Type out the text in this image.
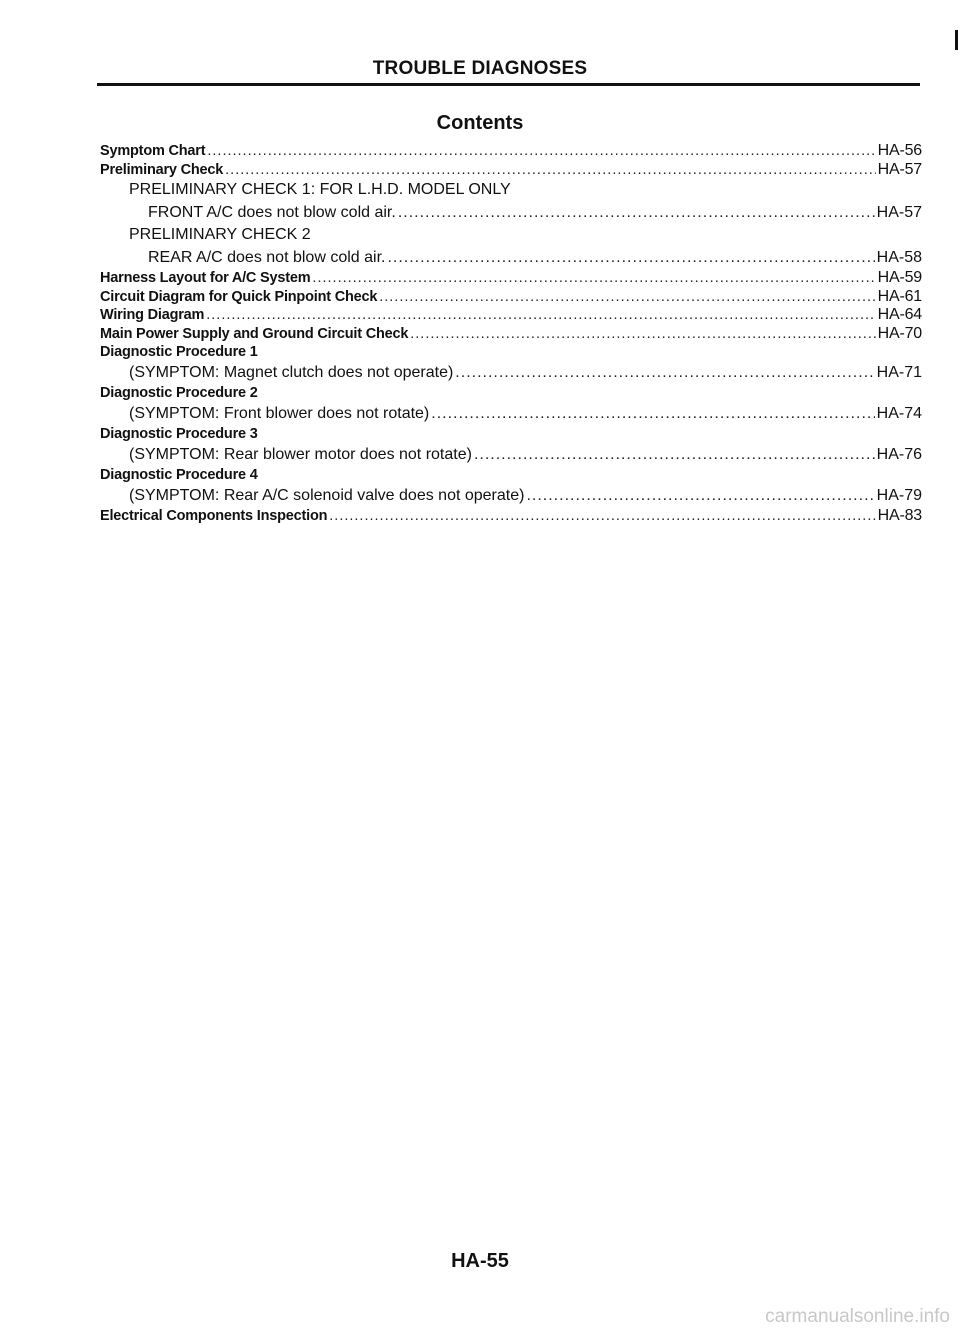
TROUBLE DIAGNOSES
Contents
Symptom Chart .....	HA-56
Preliminary Check .....	HA-57
PRELIMINARY CHECK 1: FOR L.H.D. MODEL ONLY
FRONT A/C does not blow cold air. .....	HA-57
PRELIMINARY CHECK 2
REAR A/C does not blow cold air. .....	HA-58
Harness Layout for A/C System .....	HA-59
Circuit Diagram for Quick Pinpoint Check .....	HA-61
Wiring Diagram .....	HA-64
Main Power Supply and Ground Circuit Check .....	HA-70
Diagnostic Procedure 1
(SYMPTOM: Magnet clutch does not operate) .....	HA-71
Diagnostic Procedure 2
(SYMPTOM: Front blower does not rotate) .....	HA-74
Diagnostic Procedure 3
(SYMPTOM: Rear blower motor does not rotate) .....	HA-76
Diagnostic Procedure 4
(SYMPTOM: Rear A/C solenoid valve does not operate) .....	HA-79
Electrical Components Inspection .....	HA-83
HA-55
carmanualsonline.info
